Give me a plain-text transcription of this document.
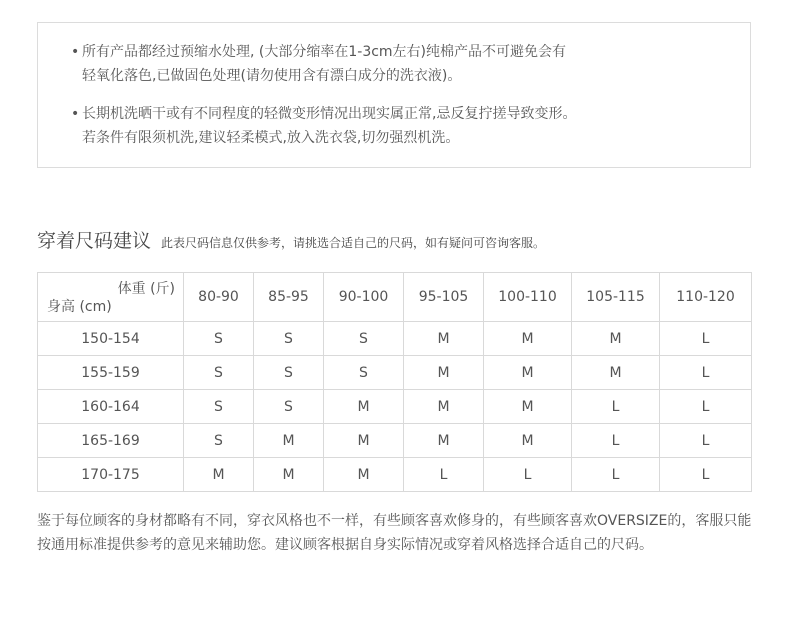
• 所有产品都经过预缩水处理, (大部分缩率在1-3cm左右)纯棉产品不可避免会有
轻氧化落色,已做固色处理(请勿使用含有漂白成分的洗衣液)。
• 长期机洗晒干或有不同程度的轻微变形情况出现实属正常,忌反复拧搓导致变形。
若条件有限须机洗,建议轻柔模式,放入洗衣袋,切勿强烈机洗。
穿着尺码建议 此表尺码信息仅供参考，请挑选合适自己的尺码，如有疑问可咨询客服。
体重 (斤)
身高 (cm)	80-90	85-95	90-100	95-105	100-110	105-115	110-120
150-154	S	S	S	M	M	M	L
155-159	S	S	S	M	M	M	L
160-164	S	S	M	M	M	L	L
165-169	S	M	M	M	M	L	L
170-175	M	M	M	L	L	L	L
鉴于每位顾客的身材都略有不同，穿衣风格也不一样，有些顾客喜欢修身的，有些顾客喜欢OVERSIZE的，客服只能按通用标准提供参考的意见来辅助您。建议顾客根据自身实际情况或穿着风格选择合适自己的尺码。
